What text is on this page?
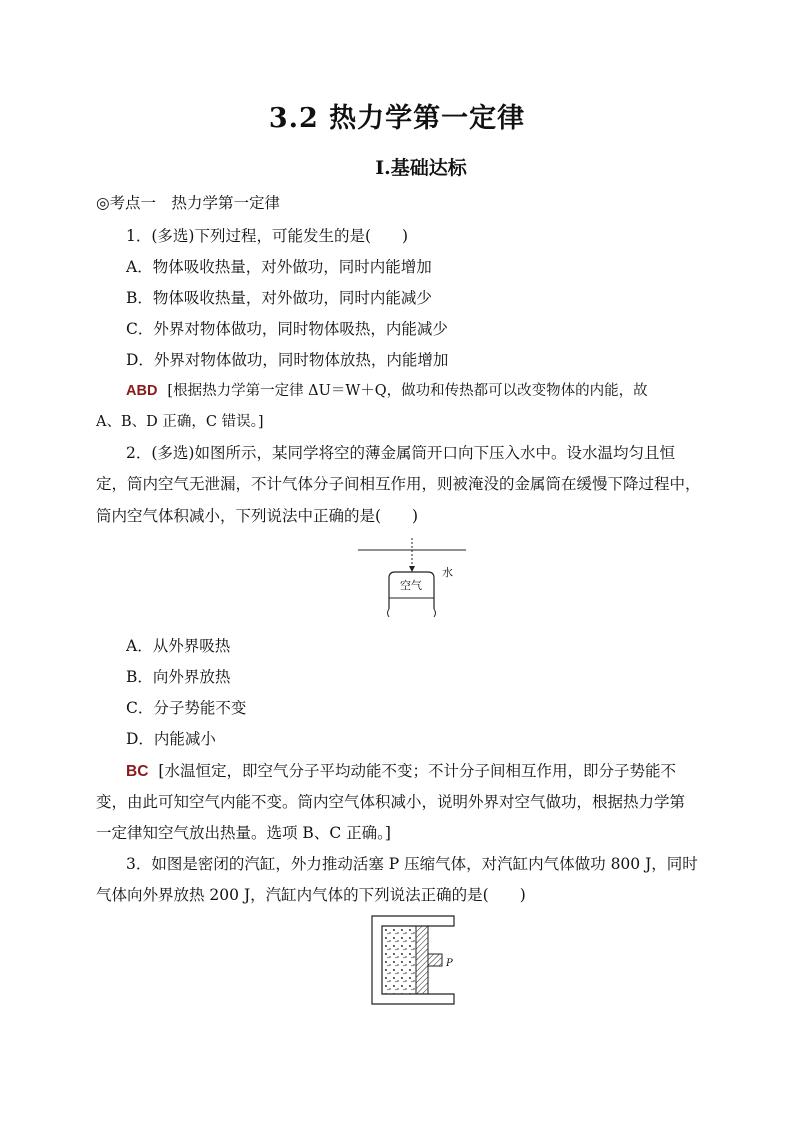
3.2 热力学第一定律
Ⅰ.基础达标
◎考点一　热力学第一定律
1．(多选)下列过程，可能发生的是(　　)
A．物体吸收热量，对外做功，同时内能增加
B．物体吸收热量，对外做功，同时内能减少
C．外界对物体做功，同时物体吸热，内能减少
D．外界对物体做功，同时物体放热，内能增加
ABD [根据热力学第一定律 ΔU＝W＋Q，做功和传热都可以改变物体的内能，故
A、B、D 正确，C 错误。]
2．(多选)如图所示，某同学将空的薄金属筒开口向下压入水中。设水温均匀且恒
定，筒内空气无泄漏，不计气体分子间相互作用，则被淹没的金属筒在缓慢下降过程中，
筒内空气体积减小，下列说法中正确的是(　　)
空气
水
A．从外界吸热
B．向外界放热
C．分子势能不变
D．内能减小
BC [水温恒定，即空气分子平均动能不变；不计分子间相互作用，即分子势能不
变，由此可知空气内能不变。筒内空气体积减小，说明外界对空气做功，根据热力学第
一定律知空气放出热量。选项 B、C 正确。]
3．如图是密闭的汽缸，外力推动活塞 P 压缩气体，对汽缸内气体做功 800 J，同时
气体向外界放热 200 J，汽缸内气体的下列说法正确的是(　　)
P
